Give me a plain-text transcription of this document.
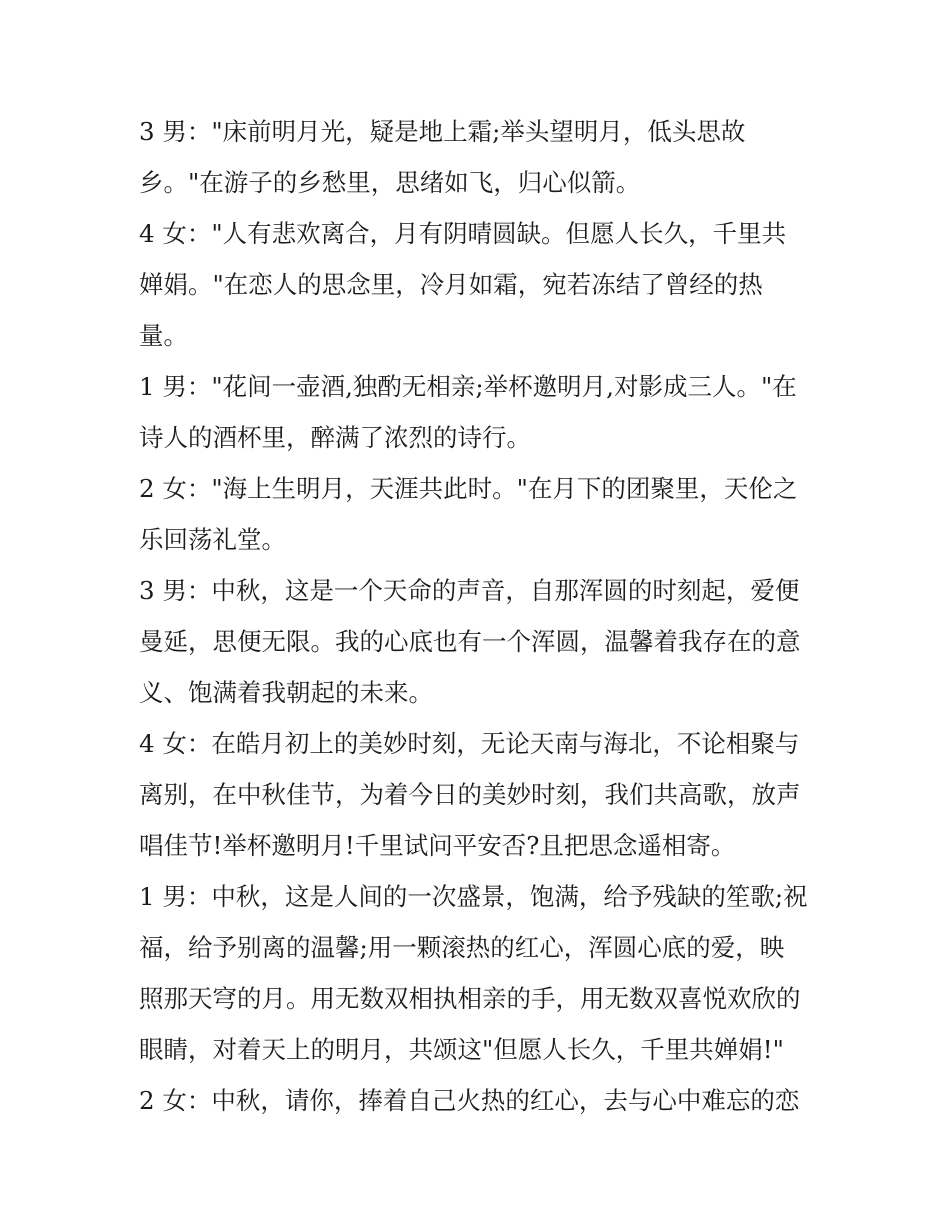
3 男："床前明月光，疑是地上霜;举头望明月，低头思故
乡。"在游子的乡愁里，思绪如飞，归心似箭。
4 女："人有悲欢离合，月有阴晴圆缺。但愿人长久，千里共
婵娟。"在恋人的思念里，冷月如霜，宛若冻结了曾经的热
量。
1 男："花间一壶酒,独酌无相亲;举杯邀明月,对影成三人。"在
诗人的酒杯里，醉满了浓烈的诗行。
2 女："海上生明月，天涯共此时。"在月下的团聚里，天伦之
乐回荡礼堂。
3 男：中秋，这是一个天命的声音，自那浑圆的时刻起，爱便
曼延，思便无限。我的心底也有一个浑圆，温馨着我存在的意
义、饱满着我朝起的未来。
4 女：在皓月初上的美妙时刻，无论天南与海北，不论相聚与
离别，在中秋佳节，为着今日的美妙时刻，我们共高歌，放声
唱佳节!举杯邀明月!千里试问平安否?且把思念遥相寄。
1 男：中秋，这是人间的一次盛景，饱满，给予残缺的笙歌;祝
福，给予别离的温馨;用一颗滚热的红心，浑圆心底的爱，映
照那天穹的月。用无数双相执相亲的手，用无数双喜悦欢欣的
眼睛，对着天上的明月，共颂这"但愿人长久，千里共婵娟!"
2 女：中秋，请你，捧着自己火热的红心，去与心中难忘的恋
